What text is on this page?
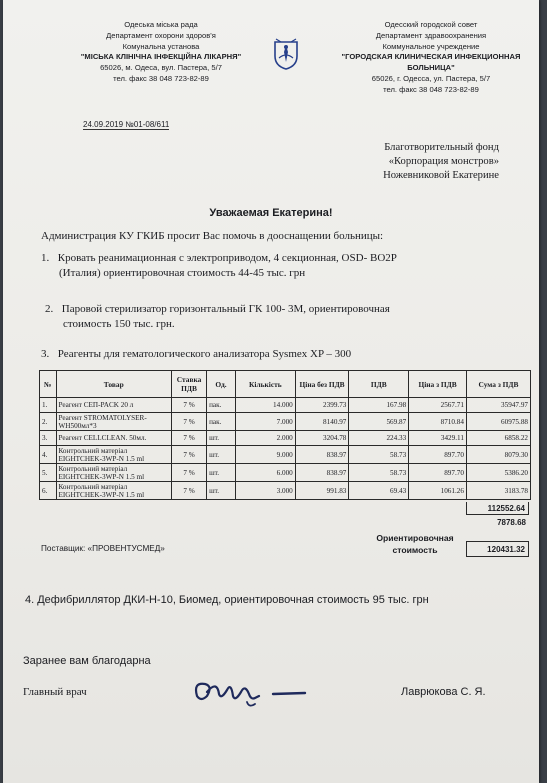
Одеська міська рада
Департамент охорони здоров'я
Комунальна установа
"МІСЬКА КЛІНІЧНА ІНФЕКЦІЙНА ЛІКАРНЯ"
65026, м. Одеса, вул. Пастера, 5/7
тел. факс 38 048 723-82-89
Одесский городской совет
Департамент здравоохранения
Коммунальное учреждение
"ГОРОДСКАЯ КЛИНИЧЕСКАЯ ИНФЕКЦИОННАЯ
БОЛЬНИЦА"
65026, г. Одесса, ул. Пастера, 5/7
тел. факс 38 048 723-82-89
24.09.2019 №01-08/611
Благотворительный фонд
«Корпорация монстров»
Ножевниковой Екатерине
Уважаемая Екатерина!
Администрация КУ ГКИБ просит Вас помочь в дооснащении больницы:
1. Кровать реанимационная с электроприводом, 4 секционная, OSD- BO2P
(Италия) ориентировочная стоимость 44-45 тыс. грн
2. Паровой стерилизатор горизонтальный ГК 100- 3М, ориентировочная
стоимость 150 тыс. грн.
3. Реагенты для гематологического анализатора Sysmex XP – 300
№	Товар	Ставка ПДВ	Од.	Кількість	Ціна без ПДВ	ПДВ	Ціна з ПДВ	Сума з ПДВ
1.	Реагент СЕП-PACK 20 л	7 %	пак.	14.000	2399.73	167.98	2567.71	35947.97
2.	Реагент STROMATOLYSER-WH500мл*3	7 %	пак.	7.000	8140.97	569.87	8710.84	60975.88
3.	Реагент CELLCLEAN. 50мл.	7 %	шт.	2.000	3204.78	224.33	3429.11	6858.22
4.	Контрольний матеріал EIGHTCHEK-3WP-N 1.5 ml	7 %	шт.	9.000	838.97	58.73	897.70	8079.30
5.	Контрольний матеріал EIGHTCHEK-3WP-N 1.5 ml	7 %	шт.	6.000	838.97	58.73	897.70	5386.20
6.	Контрольний матеріал EIGHTCHEK-3WP-N 1.5 ml	7 %	шт.	3.000	991.83	69.43	1061.26	3183.78
112552.64
7878.68
Ориентировочная
стоимость	120431.32
Поставщик: «ПРОВЕНТУСМЕД»
4. Дефибриллятор ДКИ-Н-10, Биомед, ориентировочная стоимость 95 тыс. грн
Заранее вам благодарна
Главный врач	Лаврюкова С. Я.
